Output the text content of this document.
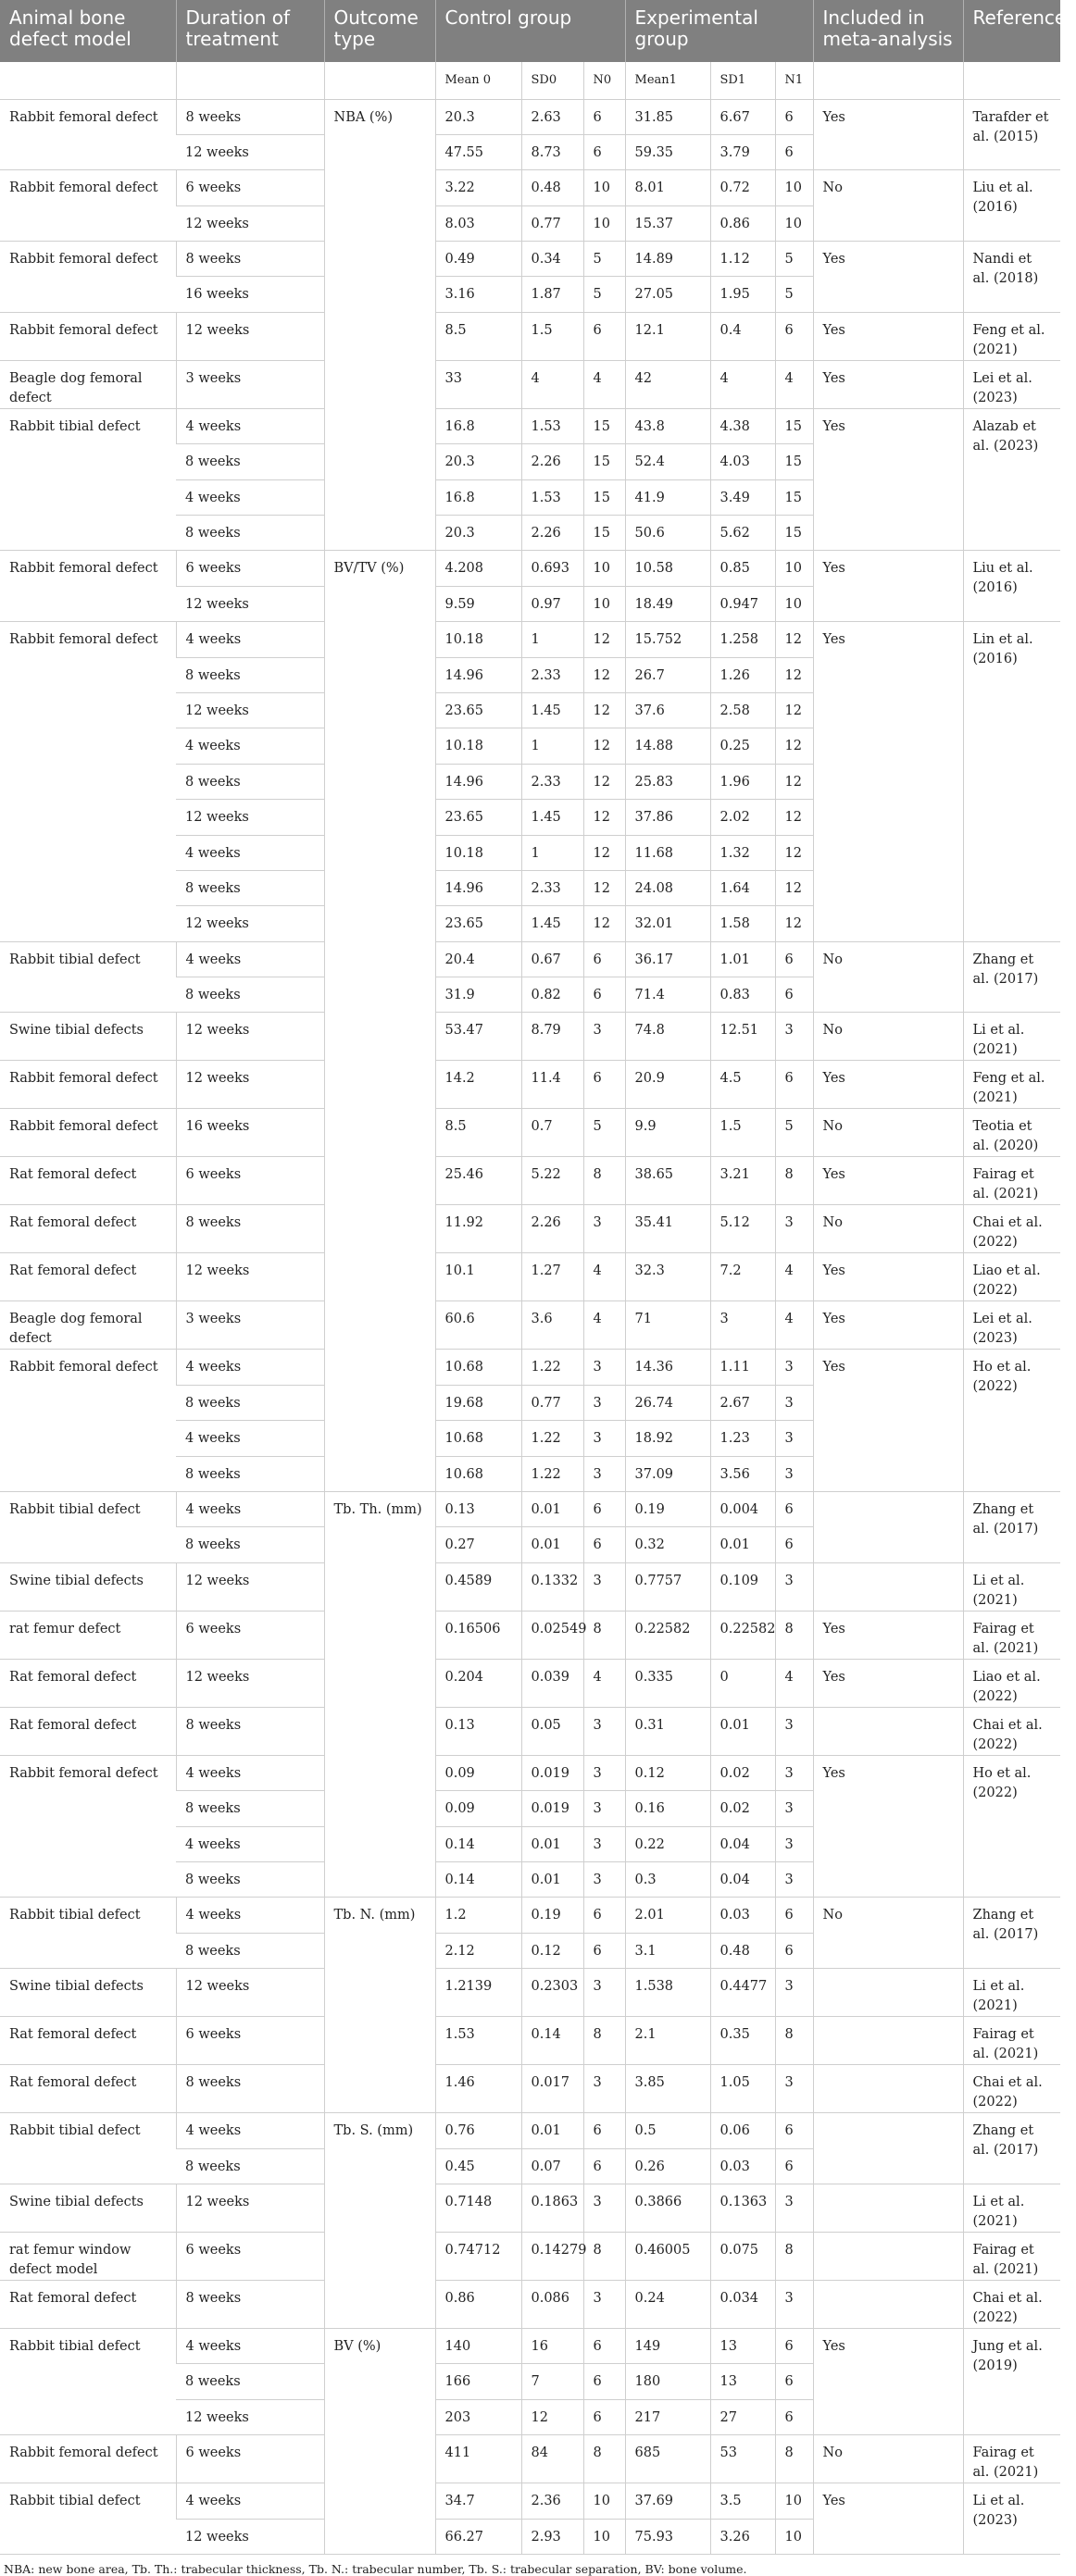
Animal bone defect model	Duration of treatment	Outcome type	Control group			Experimental group			Included in meta-analysis	References
			Mean 0	SD0	N0	Mean1	SD1	N1		
Rabbit femoral defect	8 weeks	NBA (%)	20.3	2.63	6	31.85	6.67	6	Yes	Tarafder et al. (2015)
	12 weeks		47.55	8.73	6	59.35	3.79	6		
Rabbit femoral defect	6 weeks		3.22	0.48	10	8.01	0.72	10	No	Liu et al. (2016)
	12 weeks		8.03	0.77	10	15.37	0.86	10		
Rabbit femoral defect	8 weeks		0.49	0.34	5	14.89	1.12	5	Yes	Nandi et al. (2018)
	16 weeks		3.16	1.87	5	27.05	1.95	5		
Rabbit femoral defect	12 weeks		8.5	1.5	6	12.1	0.4	6	Yes	Feng et al. (2021)
Beagle dog femoral defect	3 weeks		33	4	4	42	4	4	Yes	Lei et al. (2023)
Rabbit tibial defect	4 weeks		16.8	1.53	15	43.8	4.38	15	Yes	Alazab et al. (2023)
	8 weeks		20.3	2.26	15	52.4	4.03	15		
	4 weeks		16.8	1.53	15	41.9	3.49	15		
	8 weeks		20.3	2.26	15	50.6	5.62	15		
Rabbit femoral defect	6 weeks	BV/TV (%)	4.208	0.693	10	10.58	0.85	10	Yes	Liu et al. (2016)
	12 weeks		9.59	0.97	10	18.49	0.947	10		
Rabbit femoral defect	4 weeks		10.18	1	12	15.752	1.258	12	Yes	Lin et al. (2016)
	8 weeks		14.96	2.33	12	26.7	1.26	12		
	12 weeks		23.65	1.45	12	37.6	2.58	12		
	4 weeks		10.18	1	12	14.88	0.25	12		
	8 weeks		14.96	2.33	12	25.83	1.96	12		
	12 weeks		23.65	1.45	12	37.86	2.02	12		
	4 weeks		10.18	1	12	11.68	1.32	12		
	8 weeks		14.96	2.33	12	24.08	1.64	12		
	12 weeks		23.65	1.45	12	32.01	1.58	12		
Rabbit tibial defect	4 weeks		20.4	0.67	6	36.17	1.01	6	No	Zhang et al. (2017)
	8 weeks		31.9	0.82	6	71.4	0.83	6		
Swine tibial defects	12 weeks		53.47	8.79	3	74.8	12.51	3	No	Li et al. (2021)
Rabbit femoral defect	12 weeks		14.2	11.4	6	20.9	4.5	6	Yes	Feng et al. (2021)
Rabbit femoral defect	16 weeks		8.5	0.7	5	9.9	1.5	5	No	Teotia et al. (2020)
Rat femoral defect	6 weeks		25.46	5.22	8	38.65	3.21	8	Yes	Fairag et al. (2021)
Rat femoral defect	8 weeks		11.92	2.26	3	35.41	5.12	3	No	Chai et al. (2022)
Rat femoral defect	12 weeks		10.1	1.27	4	32.3	7.2	4	Yes	Liao et al. (2022)
Beagle dog femoral defect	3 weeks		60.6	3.6	4	71	3	4	Yes	Lei et al. (2023)
Rabbit femoral defect	4 weeks		10.68	1.22	3	14.36	1.11	3	Yes	Ho et al. (2022)
	8 weeks		19.68	0.77	3	26.74	2.67	3		
	4 weeks		10.68	1.22	3	18.92	1.23	3		
	8 weeks		10.68	1.22	3	37.09	3.56	3		
Rabbit tibial defect	4 weeks	Tb. Th. (mm)	0.13	0.01	6	0.19	0.004	6		Zhang et al. (2017)
	8 weeks		0.27	0.01	6	0.32	0.01	6		
Swine tibial defects	12 weeks		0.4589	0.1332	3	0.7757	0.109	3		Li et al. (2021)
rat femur defect	6 weeks		0.16506	0.02549	8	0.22582	0.22582	8	Yes	Fairag et al. (2021)
Rat femoral defect	12 weeks		0.204	0.039	4	0.335	0	4	Yes	Liao et al. (2022)
Rat femoral defect	8 weeks		0.13	0.05	3	0.31	0.01	3		Chai et al. (2022)
Rabbit femoral defect	4 weeks		0.09	0.019	3	0.12	0.02	3	Yes	Ho et al. (2022)
	8 weeks		0.09	0.019	3	0.16	0.02	3		
	4 weeks		0.14	0.01	3	0.22	0.04	3		
	8 weeks		0.14	0.01	3	0.3	0.04	3		
Rabbit tibial defect	4 weeks	Tb. N. (mm)	1.2	0.19	6	2.01	0.03	6	No	Zhang et al. (2017)
	8 weeks		2.12	0.12	6	3.1	0.48	6		
Swine tibial defects	12 weeks		1.2139	0.2303	3	1.538	0.4477	3		Li et al. (2021)
Rat femoral defect	6 weeks		1.53	0.14	8	2.1	0.35	8		Fairag et al. (2021)
Rat femoral defect	8 weeks		1.46	0.017	3	3.85	1.05	3		Chai et al. (2022)
Rabbit tibial defect	4 weeks	Tb. S. (mm)	0.76	0.01	6	0.5	0.06	6		Zhang et al. (2017)
	8 weeks		0.45	0.07	6	0.26	0.03	6		
Swine tibial defects	12 weeks		0.7148	0.1863	3	0.3866	0.1363	3		Li et al. (2021)
rat femur window defect model	6 weeks		0.74712	0.14279	8	0.46005	0.075	8		Fairag et al. (2021)
Rat femoral defect	8 weeks		0.86	0.086	3	0.24	0.034	3		Chai et al. (2022)
Rabbit tibial defect	4 weeks	BV (%)	140	16	6	149	13	6	Yes	Jung et al. (2019)
	8 weeks		166	7	6	180	13	6		
	12 weeks		203	12	6	217	27	6		
Rabbit femoral defect	6 weeks		411	84	8	685	53	8	No	Fairag et al. (2021)
Rabbit tibial defect	4 weeks		34.7	2.36	10	37.69	3.5	10	Yes	Li et al. (2023)
	12 weeks		66.27	2.93	10	75.93	3.26	10		
NBA: new bone area, Tb. Th.: trabecular thickness, Tb. N.: trabecular number, Tb. S.: trabecular separation, BV: bone volume.
